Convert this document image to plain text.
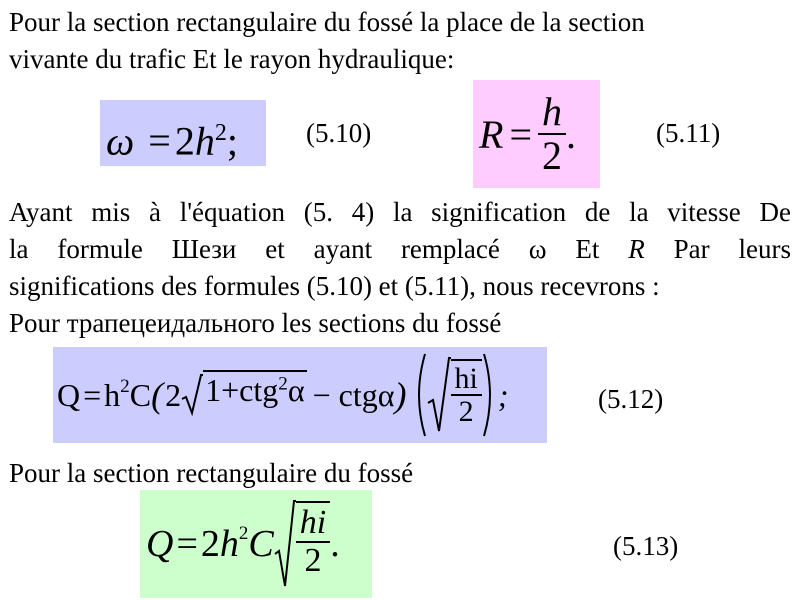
Pour la section rectangulaire du fossé la place de la section
vivante du trafic Et le rayon hydraulique:
$\omega = 2h^2$;	(5.10)	$R = \frac{h}{2}$ .	(5.11)
Ayant mis à l'équation (5. 4) la signification de la vitesse De
la formule Шези et ayant remplacé ω Et R Par leurs
significations des formules (5.10) et (5.11), nous recevrons :
Pour трапецеидального les sections du fossé
$Q = h^2$ C ( 2 1+ctg$^2$α − ctgα ) $\frac{hi}{2}$ ;	(5.12)
Pour la section rectangulaire du fossé
Q = 2 $h^2$ C $\frac{hi}{2}$ .	(5.13)
